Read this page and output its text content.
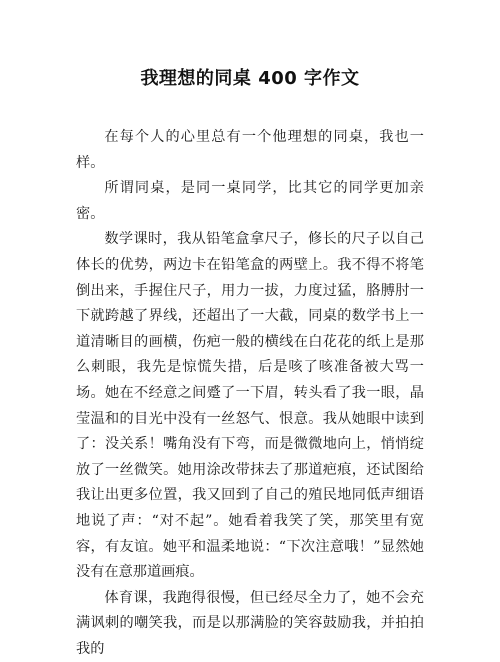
我理想的同桌 400 字作文

在每个人的心里总有一个他理想的同桌，我也一样。

所谓同桌，是同一桌同学，比其它的同学更加亲密。

数学课时，我从铅笔盒拿尺子，修长的尺子以自己体长的优势，两边卡在铅笔盒的两壁上。我不得不将笔倒出来，手握住尺子，用力一拔，力度过猛，胳膊肘一下就跨越了界线，还超出了一大截，同桌的数学书上一道清晰目的画横，伤疤一般的横线在白花花的纸上是那么刺眼，我先是惊慌失措，后是咳了咳准备被大骂一场。她在不经意之间蹙了一下眉，转头看了我一眼，晶莹温和的目光中没有一丝怒气、恨意。我从她眼中读到了：没关系！嘴角没有下弯，而是微微地向上，悄悄绽放了一丝微笑。她用涂改带抹去了那道疤痕，还试图给我让出更多位置，我又回到了自己的殖民地同低声细语地说了声：“对不起”。她看着我笑了笑，那笑里有宽容，有友谊。她平和温柔地说：“下次注意哦！”显然她没有在意那道画痕。

体育课，我跑得很慢，但已经尽全力了，她不会充满讽刺的嘲笑我，而是以那满脸的笑容鼓励我，并拍拍我的
